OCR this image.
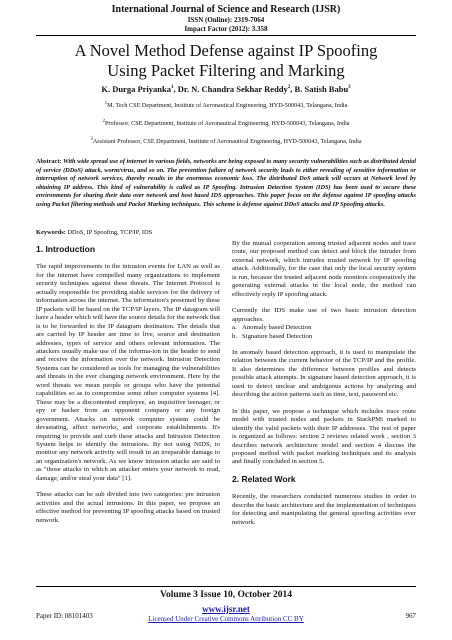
International Journal of Science and Research (IJSR)
ISSN (Online): 2319-7064
Impact Factor (2012): 3.358
A Novel Method Defense against IP Spoofing
Using Packet Filtering and Marking
K. Durga Priyanka$^1$, Dr. N. Chandra Sekhar Reddy$^2$, B. Satish Babu$^3$
$^1$M. Tech CSE Department, Institute of Aeronautical Engineering, HYD-500043, Telangana, India
$^2$Professor, CSE Department, Institute of Aeronautical Engineering, HYD-500043, Telangana, India
$^3$Assistant Professor, CSE Department, Institute of Aeronautical Engineering, HYD-500043, Telangana, India
Abstract: With wide spread use of internet in various fields, networks are being exposed to many security vulnerabilities such as distributed denial of service (DDoS) attack, worm/virus, and so on. The prevention failure of network security leads to either revealing of sensitive information or interruption of network services, thereby results in the enormous economic loss. The distributed DoS attack will occurs at Network level by obtaining IP address. This kind of vulnerability is called as IP Spoofing. Intrusion Detection System (IDS) has been used to secure these environments for sharing their data over network and host based IDS approaches. This paper focus on the defense against IP spoofing attacks using Packet filtering methods and Packet Marking techniques. This scheme is defense against DDoS attacks and IP Spoofing attacks.
Keywords: DDoS, IP Spoofing, TCP/IP, IDS
1. Introduction

The rapid improvements in the intrusion events for LAN as well as for the internet have compelled many organizations to implement security techniques against these threats. The Internet Protocol is actually responsible for providing stable services for the delivery of information across the internet. The information's presented by these IP packets will be based on the TCP/IP layers. The IP datagram will have a header which will have the source details for the network that is to be forwarded to the IP datagram destination. The details that are carried by IP header are time to live, source and destination addresses, types of service and others relevant information. The attackers usually make use of the informa-ion in the header to send and receive the information over the network. Intrusion Detection Systems can be considered as tools for managing the vulnerabilities and threats in the ever changing network environment. Here by the word threats we mean people or groups who have the potential capabilities so as to compromise some other computer systems [4]. These may be a discontented employee, an inquisitive teenager, or spy or hacker from an opponent company or any foreign government. Attacks on network computer system could be devastating, affect networks, and corporate establishments. It's requiring to provide and curb these attacks and Intrusion Detection System helps to identify the intrusions. By not using NIDS, to monitor any network activity will result in an irreparable damage to an organization's network. As we know intrusion attacks are said to as "those attacks in which an attacker enters your network to read, damage, and/or steal your data" [1].

These attacks can be sub divided into two categories: pre intrusion activities and the actual intrusions. In this paper, we propose an effective method for preventing IP spoofing attacks based on trusted network.

By the mutual cooperation among trusted adjacent nodes and trace route, our proposed method can detect and block the intruder from external network, which intrudes trusted network by IP spoofing attack. Additionally, for the case that only the local security system is run, because the trusted adjacent node monitors cooperatively the generating external attacks in the local node, the method can effectively reply IP spoofing attack.

Currently the IDS make use of two basic intrusion detection approaches.

a. Anomaly based Detection
b. Signature based Detection

In anomaly based detection approach, it is used to manipulate the relation between the current behavior of the TCP/IP and the profile. It also determines the difference between profiles and detects possible attack attempts. In signature based detection approach, it is used to detect unclear and ambiguous actions by analyzing and describing the action patterns such as time, text, password etc.

In this paper, we propose a technique which includes trace route model with trusted nodes and packets in StackPMi marked to identify the valid packets with their IP addresses. The rest of paper is organized as follows: section 2 reviews related work , section 3 describes network architecture model and section 4 discuss the proposed method with packet marking techniques and its analysis and finally concluded in section 5.

2. Related Work

Recently, the researchers conducted numerous studies in order to describe the basic architecture and the implementation of techniques for detecting and manipulating the general spoofing activities over network.

Volume 3 Issue 10, October 2014
www.ijsr.net
Licensed Under Creative Commons Attribution CC BY
Paper ID: 08101403	967
